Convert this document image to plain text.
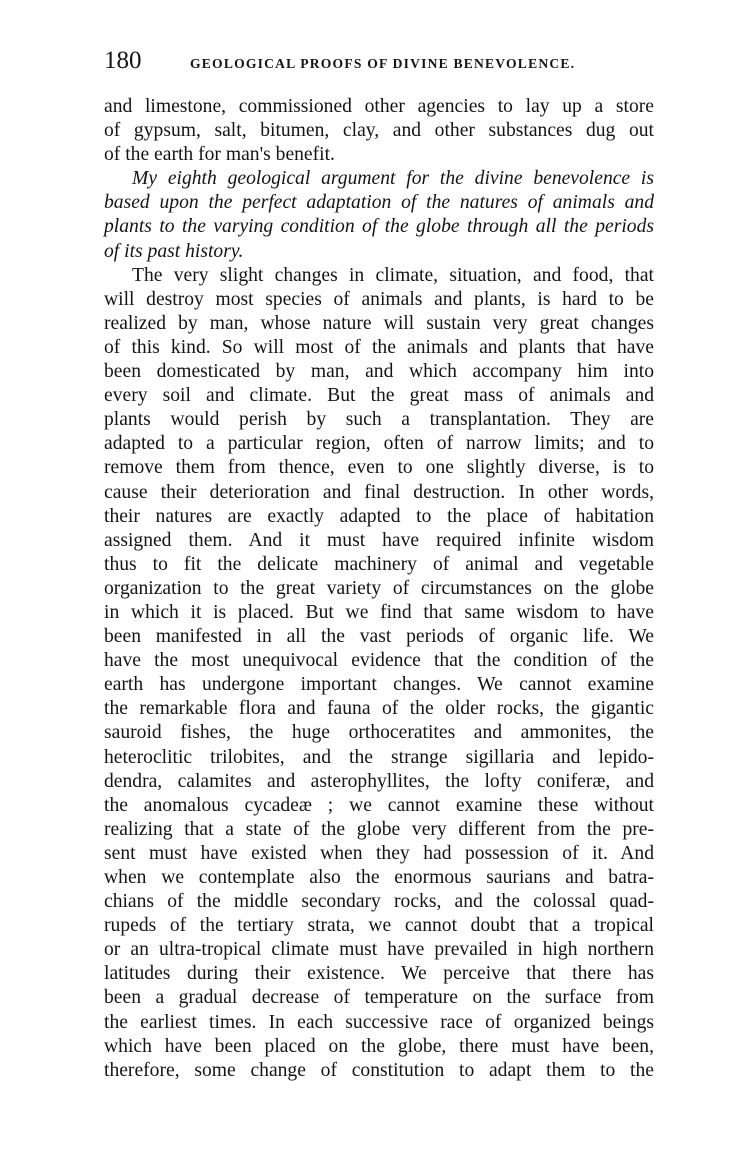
180	GEOLOGICAL PROOFS OF DIVINE BENEVOLENCE.
and limestone, commissioned other agencies to lay up a store
of gypsum, salt, bitumen, clay, and other substances dug out
of the earth for man's benefit.
My eighth geological argument for the divine benevolence is
based upon the perfect adaptation of the natures of animals and
plants to the varying condition of the globe through all the periods
of its past history.
The very slight changes in climate, situation, and food, that
will destroy most species of animals and plants, is hard to be
realized by man, whose nature will sustain very great changes
of this kind. So will most of the animals and plants that have
been domesticated by man, and which accompany him into
every soil and climate. But the great mass of animals and
plants would perish by such a transplantation. They are
adapted to a particular region, often of narrow limits; and to
remove them from thence, even to one slightly diverse, is to
cause their deterioration and final destruction. In other words,
their natures are exactly adapted to the place of habitation
assigned them. And it must have required infinite wisdom
thus to fit the delicate machinery of animal and vegetable
organization to the great variety of circumstances on the globe
in which it is placed. But we find that same wisdom to have
been manifested in all the vast periods of organic life. We
have the most unequivocal evidence that the condition of the
earth has undergone important changes. We cannot examine
the remarkable flora and fauna of the older rocks, the gigantic
sauroid fishes, the huge orthoceratites and ammonites, the
heteroclitic trilobites, and the strange sigillaria and lepido-
dendra, calamites and asterophyllites, the lofty coniferæ, and
the anomalous cycadeæ ; we cannot examine these without
realizing that a state of the globe very different from the pre-
sent must have existed when they had possession of it. And
when we contemplate also the enormous saurians and batra-
chians of the middle secondary rocks, and the colossal quad-
rupeds of the tertiary strata, we cannot doubt that a tropical
or an ultra-tropical climate must have prevailed in high northern
latitudes during their existence. We perceive that there has
been a gradual decrease of temperature on the surface from
the earliest times. In each successive race of organized beings
which have been placed on the globe, there must have been,
therefore, some change of constitution to adapt them to the
